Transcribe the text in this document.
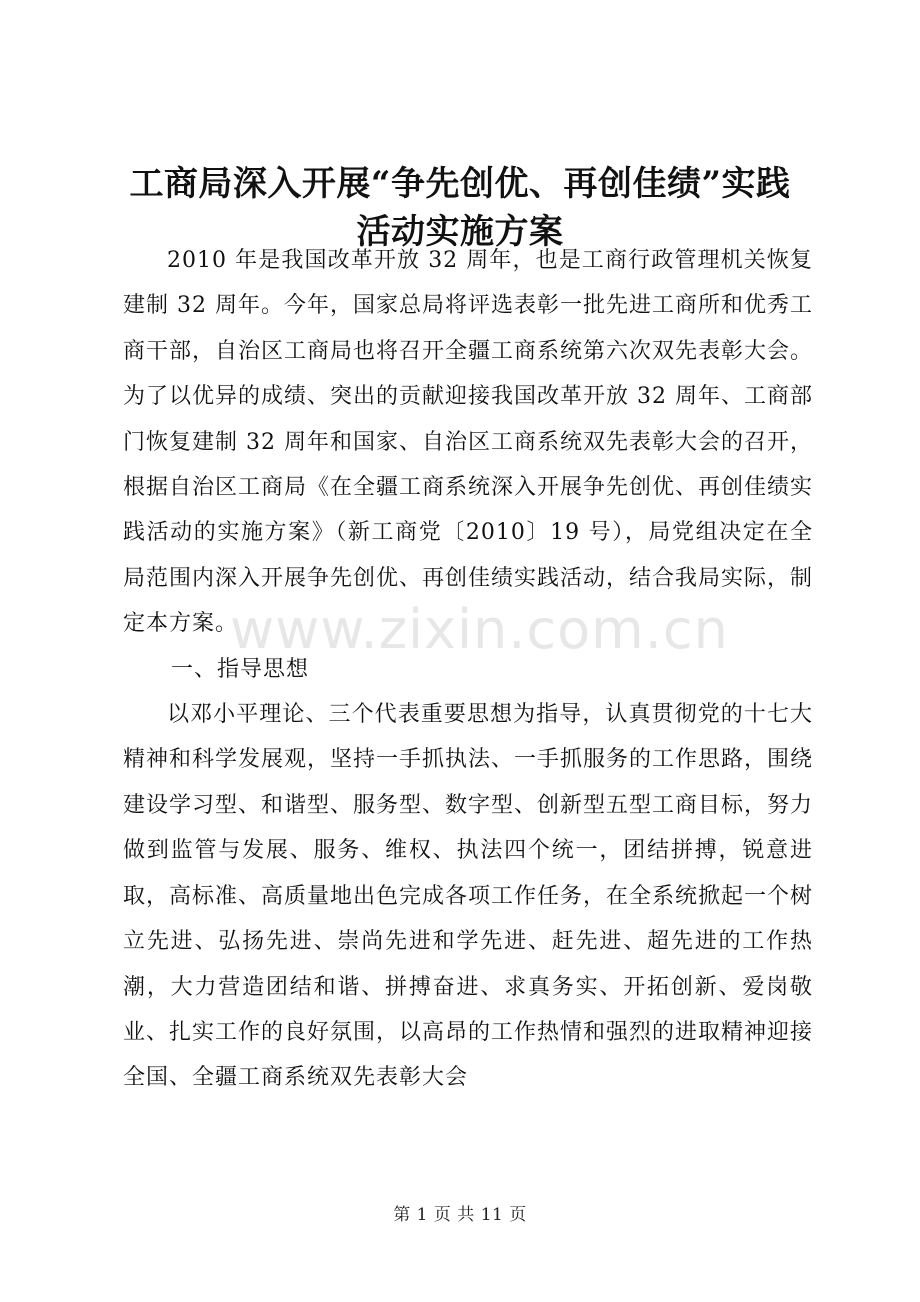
工商局深入开展“争先创优、再创佳绩”实践
活动实施方案

2010 年是我国改革开放 32 周年，也是工商行政管理机关恢复建制 32 周年。今年，国家总局将评选表彰一批先进工商所和优秀工商干部，自治区工商局也将召开全疆工商系统第六次双先表彰大会。为了以优异的成绩、突出的贡献迎接我国改革开放 32 周年、工商部门恢复建制 32 周年和国家、自治区工商系统双先表彰大会的召开，根据自治区工商局《在全疆工商系统深入开展争先创优、再创佳绩实践活动的实施方案》（新工商党〔2010〕19 号），局党组决定在全局范围内深入开展争先创优、再创佳绩实践活动，结合我局实际，制定本方案。

一、指导思想

以邓小平理论、三个代表重要思想为指导，认真贯彻党的十七大精神和科学发展观，坚持一手抓执法、一手抓服务的工作思路，围绕建设学习型、和谐型、服务型、数字型、创新型五型工商目标，努力做到监管与发展、服务、维权、执法四个统一，团结拼搏，锐意进取，高标准、高质量地出色完成各项工作任务，在全系统掀起一个树立先进、弘扬先进、崇尚先进和学先进、赶先进、超先进的工作热潮，大力营造团结和谐、拼搏奋进、求真务实、开拓创新、爱岗敬业、扎实工作的良好氛围，以高昂的工作热情和强烈的进取精神迎接全国、全疆工商系统双先表彰大会

www.zixin.com.cn
第 1 页 共 11 页
